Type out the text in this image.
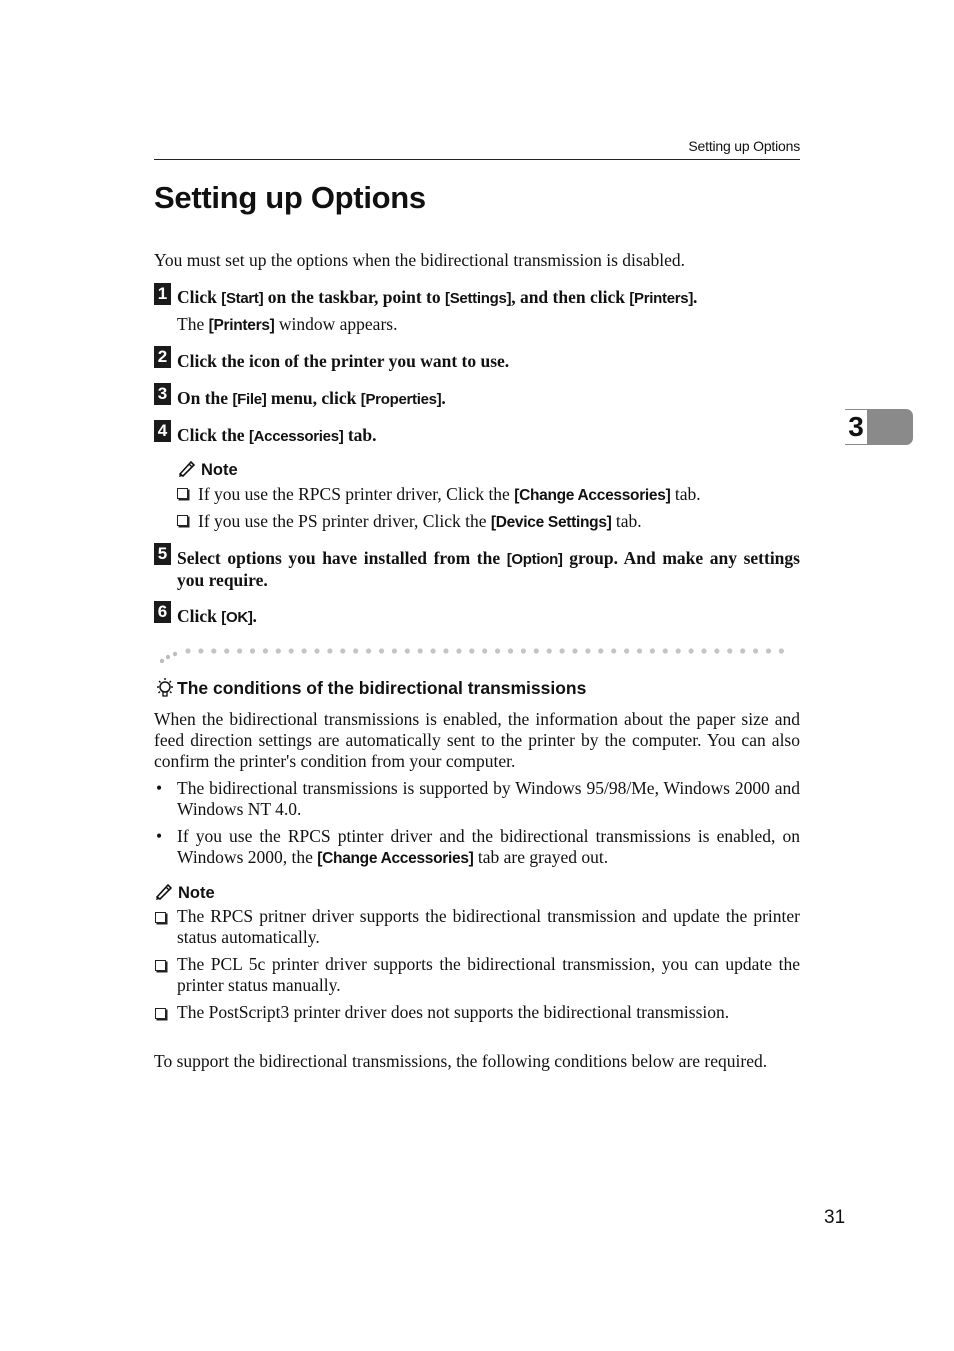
Setting up Options
Setting up Options
You must set up the options when the bidirectional transmission is disabled.
1 Click [Start] on the taskbar, point to [Settings], and then click [Printers].
The [Printers] window appears.
2 Click the icon of the printer you want to use.
3 On the [File] menu, click [Properties].
4 Click the [Accessories] tab.
Note
If you use the RPCS printer driver, Click the [Change Accessories] tab.
If you use the PS printer driver, Click the [Device Settings] tab.
5 Select options you have installed from the [Option] group. And make any settings you require.
6 Click [OK].
The conditions of the bidirectional transmissions
When the bidirectional transmissions is enabled, the information about the paper size and feed direction settings are automatically sent to the printer by the computer. You can also confirm the printer's condition from your computer.
• The bidirectional transmissions is supported by Windows 95/98/Me, Windows 2000 and Windows NT 4.0.
• If you use the RPCS ptinter driver and the bidirectional transmissions is enabled, on Windows 2000, the [Change Accessories] tab are grayed out.
Note
The RPCS pritner driver supports the bidirectional transmission and update the printer status automatically.
The PCL 5c printer driver supports the bidirectional transmission, you can update the printer status manually.
The PostScript3 printer driver does not supports the bidirectional transmission.
To support the bidirectional transmissions, the following conditions below are required.
3
31
